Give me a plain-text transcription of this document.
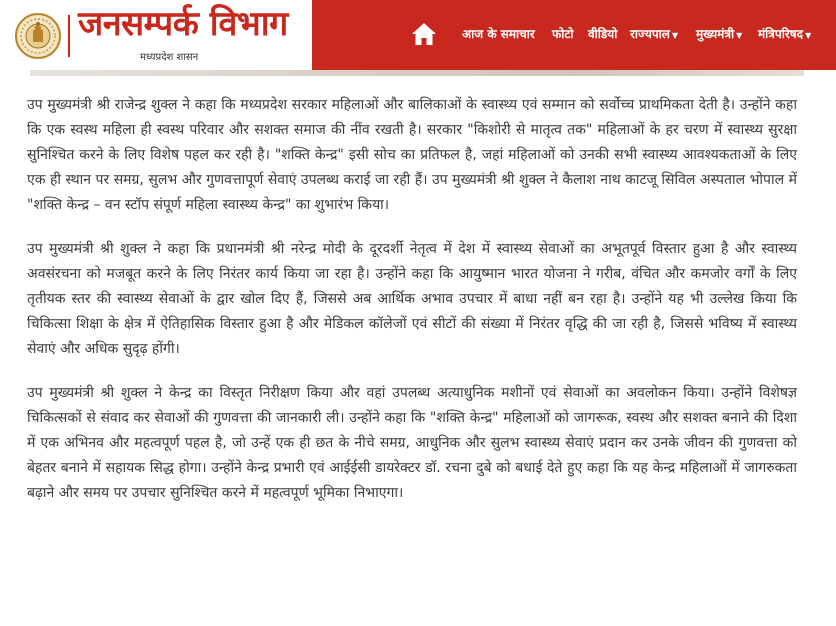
जनसम्पर्क विभाग
मध्यप्रदेश शासन
आज के समाचार फोटो वीडियो राज्यपाल ▼ मुख्यमंत्री ▼ मंत्रिपरिषद ▼

उप मुख्यमंत्री श्री राजेन्द्र शुक्ल ने कहा कि मध्यप्रदेश सरकार महिलाओं और बालिकाओं के स्वास्थ्य एवं सम्मान को सर्वोच्च प्राथमिकता देती है। उन्होंने कहा कि एक स्वस्थ महिला ही स्वस्थ परिवार और सशक्त समाज की नींव रखती है। सरकार "किशोरी से मातृत्व तक" महिलाओं के हर चरण में स्वास्थ्य सुरक्षा सुनिश्चित करने के लिए विशेष पहल कर रही है। "शक्ति केन्द्र" इसी सोच का प्रतिफल है, जहां महिलाओं को उनकी सभी स्वास्थ्य आवश्यकताओं के लिए एक ही स्थान पर समग्र, सुलभ और गुणवत्तापूर्ण सेवाएं उपलब्ध कराई जा रही हैं। उप मुख्यमंत्री श्री शुक्ल ने कैलाश नाथ काटजू सिविल अस्पताल भोपाल में "शक्ति केन्द्र – वन स्टॉप संपूर्ण महिला स्वास्थ्य केन्द्र" का शुभारंभ किया।

उप मुख्यमंत्री श्री शुक्ल ने कहा कि प्रधानमंत्री श्री नरेन्द्र मोदी के दूरदर्शी नेतृत्व में देश में स्वास्थ्य सेवाओं का अभूतपूर्व विस्तार हुआ है और स्वास्थ्य अवसंरचना को मजबूत करने के लिए निरंतर कार्य किया जा रहा है। उन्होंने कहा कि आयुष्मान भारत योजना ने गरीब, वंचित और कमजोर वर्गों के लिए तृतीयक स्तर की स्वास्थ्य सेवाओं के द्वार खोल दिए हैं, जिससे अब आर्थिक अभाव उपचार में बाधा नहीं बन रहा है। उन्होंने यह भी उल्लेख किया कि चिकित्सा शिक्षा के क्षेत्र में ऐतिहासिक विस्तार हुआ है और मेडिकल कॉलेजों एवं सीटों की संख्या में निरंतर वृद्धि की जा रही है, जिससे भविष्य में स्वास्थ्य सेवाएं और अधिक सुदृढ़ होंगी।

उप मुख्यमंत्री श्री शुक्ल ने केन्द्र का विस्तृत निरीक्षण किया और वहां उपलब्ध अत्याधुनिक मशीनों एवं सेवाओं का अवलोकन किया। उन्होंने विशेषज्ञ चिकित्सकों से संवाद कर सेवाओं की गुणवत्ता की जानकारी ली। उन्होंने कहा कि "शक्ति केन्द्र" महिलाओं को जागरूक, स्वस्थ और सशक्त बनाने की दिशा में एक अभिनव और महत्वपूर्ण पहल है, जो उन्हें एक ही छत के नीचे समग्र, आधुनिक और सुलभ स्वास्थ्य सेवाएं प्रदान कर उनके जीवन की गुणवत्ता को बेहतर बनाने में सहायक सिद्ध होगा। उन्होंने केन्द्र प्रभारी एवं आईईसी डायरेक्टर डॉ. रचना दुबे को बधाई देते हुए कहा कि यह केन्द्र महिलाओं में जागरुकता बढ़ाने और समय पर उपचार सुनिश्चित करने में महत्वपूर्ण भूमिका निभाएगा।
